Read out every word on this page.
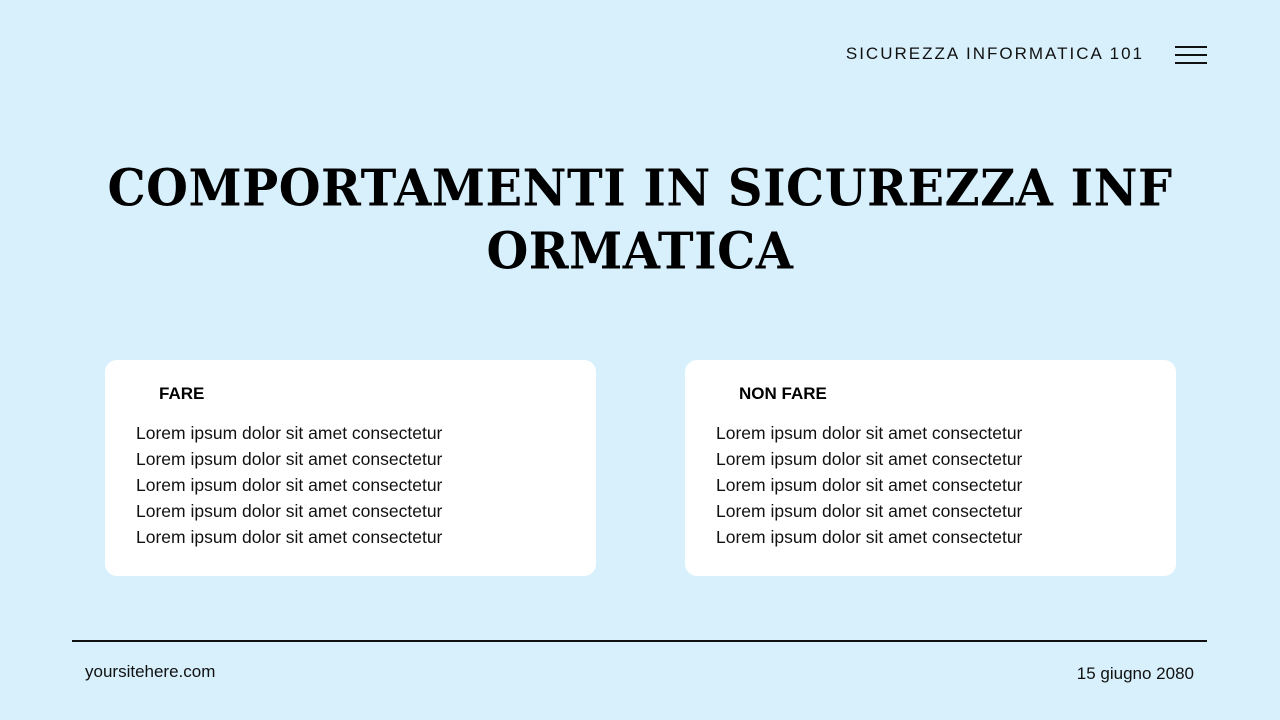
SICUREZZA INFORMATICA 101
COMPORTAMENTI IN SICUREZZA INFORMATICA
FARE
Lorem ipsum dolor sit amet consectetur
Lorem ipsum dolor sit amet consectetur
Lorem ipsum dolor sit amet consectetur
Lorem ipsum dolor sit amet consectetur
Lorem ipsum dolor sit amet consectetur
NON FARE
Lorem ipsum dolor sit amet consectetur
Lorem ipsum dolor sit amet consectetur
Lorem ipsum dolor sit amet consectetur
Lorem ipsum dolor sit amet consectetur
Lorem ipsum dolor sit amet consectetur
yoursitehere.com	15 giugno 2080
